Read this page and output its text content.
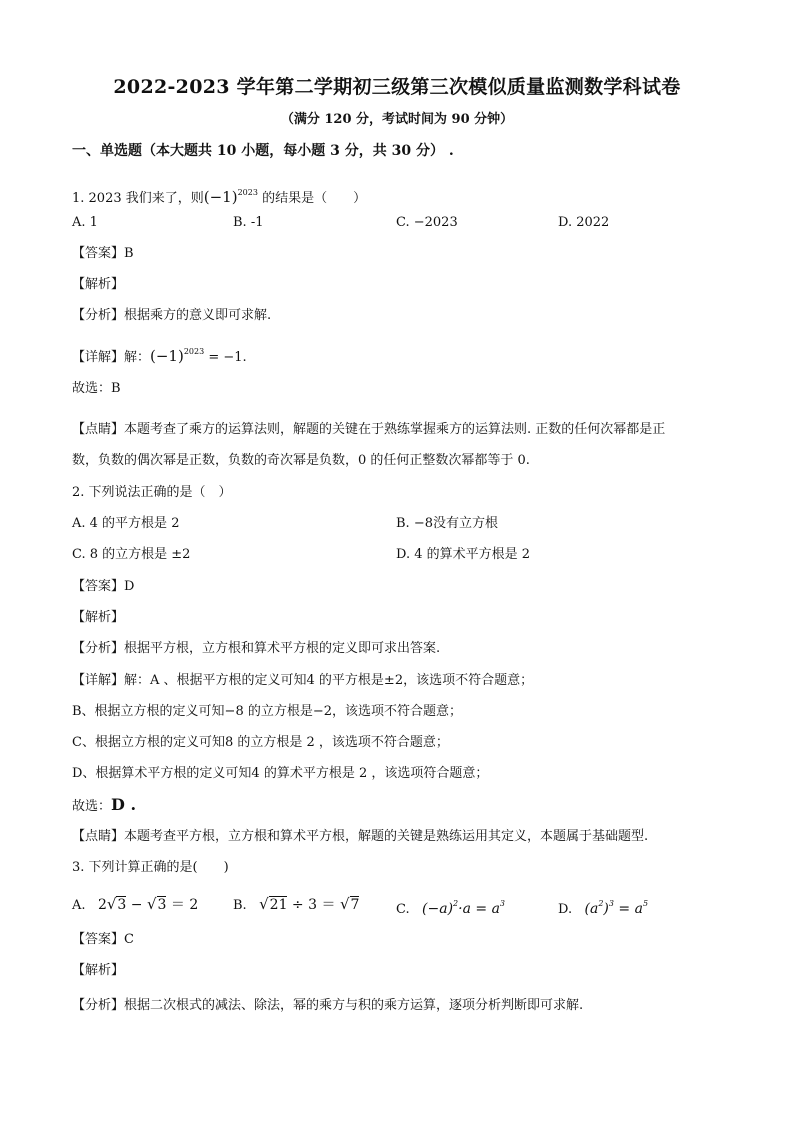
2022-2023 学年第二学期初三级第三次模似质量监测数学科试卷
（满分 120 分，考试时间为 90 分钟）
一、单选题（本大题共 10 小题，每小题 3 分，共 30 分） .
1. 2023 我们来了，则$(-1)^{2023}$ 的结果是（　　）
A. 1	B. -1	C. −2023	D. 2022
【答案】B
【解析】
【分析】根据乘方的意义即可求解.
【详解】解：$(-1)^{2023} = -1$.
故选：B
【点睛】本题考查了乘方的运算法则，解题的关键在于熟练掌握乘方的运算法则. 正数的任何次幂都是正
数，负数的偶次幂是正数，负数的奇次幂是负数，0 的任何正整数次幂都等于 0.
2. 下列说法正确的是（　）
A. 4 的平方根是 2	B. −8没有立方根
C. 8 的立方根是 ±2	D. 4 的算术平方根是 2
【答案】D
【解析】
【分析】根据平方根，立方根和算术平方根的定义即可求出答案.
【详解】解：A 、根据平方根的定义可知4 的平方根是±2，该选项不符合题意；
B、根据立方根的定义可知−8 的立方根是−2，该选项不符合题意；
C、根据立方根的定义可知8 的立方根是 2 ，该选项不符合题意；
D、根据算术平方根的定义可知4 的算术平方根是 2 ，该选项符合题意；
故选：D .
【点睛】本题考查平方根，立方根和算术平方根，解题的关键是熟练运用其定义，本题属于基础题型.
3. 下列计算正确的是(　　)
A. 2√3 − √3 ＝ 2	B. √21 ÷ 3 ＝ √7	C. $(-a)^2\cdot a = a^3$	D. $(a^2)^3 = a^5$
【答案】C
【解析】
【分析】根据二次根式的减法、除法，幂的乘方与积的乘方运算，逐项分析判断即可求解.
